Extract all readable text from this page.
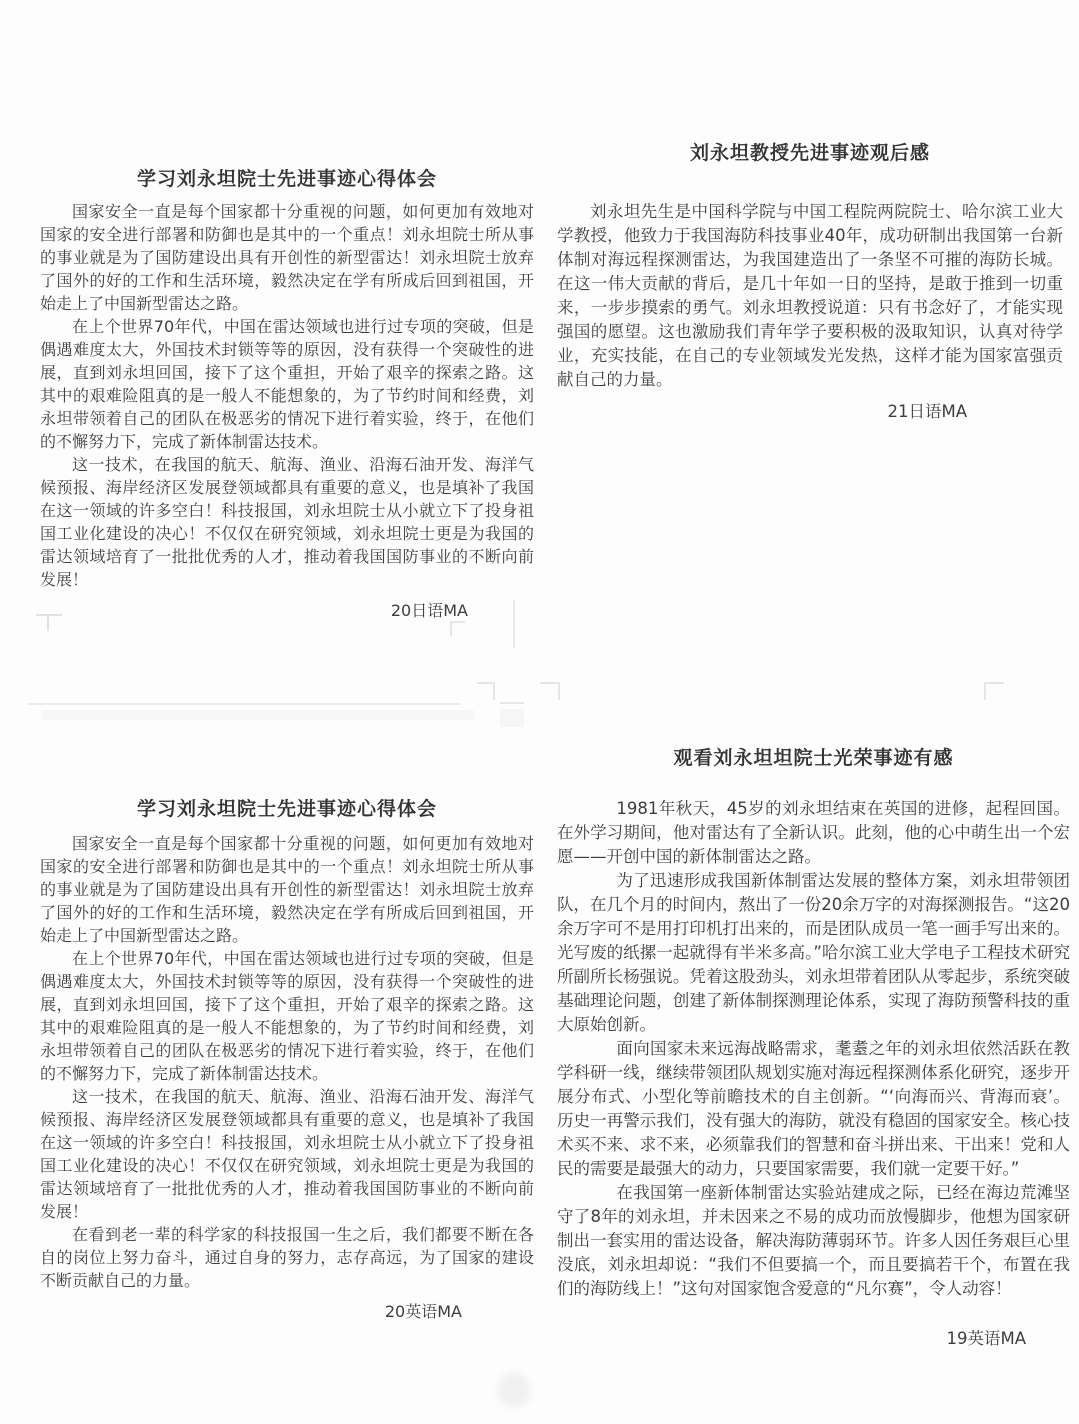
学习刘永坦院士先进事迹心得体会

国家安全一直是每个国家都十分重视的问题，如何更加有效地对国家的安全进行部署和防御也是其中的一个重点！刘永坦院士所从事的事业就是为了国防建设出具有开创性的新型雷达！刘永坦院士放弃了国外的好的工作和生活环境，毅然决定在学有所成后回到祖国，开始走上了中国新型雷达之路。

在上个世界70年代，中国在雷达领域也进行过专项的突破，但是偶遇难度太大，外国技术封锁等等的原因，没有获得一个突破性的进展，直到刘永坦回国，接下了这个重担，开始了艰辛的探索之路。这其中的艰难险阻真的是一般人不能想象的，为了节约时间和经费，刘永坦带领着自己的团队在极恶劣的情况下进行着实验，终于，在他们的不懈努力下，完成了新体制雷达技术。

这一技术，在我国的航天、航海、渔业、沿海石油开发、海洋气候预报、海岸经济区发展登领域都具有重要的意义，也是填补了我国在这一领域的许多空白！科技报国，刘永坦院士从小就立下了投身祖国工业化建设的决心！不仅仅在研究领域，刘永坦院士更是为我国的雷达领域培育了一批批优秀的人才，推动着我国国防事业的不断向前发展！

20日语MA
刘永坦教授先进事迹观后感

刘永坦先生是中国科学院与中国工程院两院院士、哈尔滨工业大学教授，他致力于我国海防科技事业40年，成功研制出我国第一台新体制对海远程探测雷达，为我国建造出了一条坚不可摧的海防长城。在这一伟大贡献的背后，是几十年如一日的坚持，是敢于推到一切重来，一步步摸索的勇气。刘永坦教授说道：只有书念好了，才能实现强国的愿望。这也激励我们青年学子要积极的汲取知识，认真对待学业，充实技能，在自己的专业领域发光发热，这样才能为国家富强贡献自己的力量。

21日语MA
学习刘永坦院士先进事迹心得体会

国家安全一直是每个国家都十分重视的问题，如何更加有效地对国家的安全进行部署和防御也是其中的一个重点！刘永坦院士所从事的事业就是为了国防建设出具有开创性的新型雷达！刘永坦院士放弃了国外的好的工作和生活环境，毅然决定在学有所成后回到祖国，开始走上了中国新型雷达之路。

在上个世界70年代，中国在雷达领域也进行过专项的突破，但是偶遇难度太大，外国技术封锁等等的原因，没有获得一个突破性的进展，直到刘永坦回国，接下了这个重担，开始了艰辛的探索之路。这其中的艰难险阻真的是一般人不能想象的，为了节约时间和经费，刘永坦带领着自己的团队在极恶劣的情况下进行着实验，终于，在他们的不懈努力下，完成了新体制雷达技术。

这一技术，在我国的航天、航海、渔业、沿海石油开发、海洋气候预报、海岸经济区发展登领域都具有重要的意义，也是填补了我国在这一领域的许多空白！科技报国，刘永坦院士从小就立下了投身祖国工业化建设的决心！不仅仅在研究领域，刘永坦院士更是为我国的雷达领域培育了一批批优秀的人才，推动着我国国防事业的不断向前发展！

在看到老一辈的科学家的科技报国一生之后，我们都要不断在各自的岗位上努力奋斗，通过自身的努力，志存高远，为了国家的建设不断贡献自己的力量。

20英语MA
观看刘永坦坦院士光荣事迹有感

1981年秋天，45岁的刘永坦结束在英国的进修，起程回国。在外学习期间，他对雷达有了全新认识。此刻，他的心中萌生出一个宏愿——开创中国的新体制雷达之路。

为了迅速形成我国新体制雷达发展的整体方案，刘永坦带领团队，在几个月的时间内，熬出了一份20余万字的对海探测报告。“这20余万字可不是用打印机打出来的，而是团队成员一笔一画手写出来的。光写废的纸摞一起就得有半米多高。”哈尔滨工业大学电子工程技术研究所副所长杨强说。凭着这股劲头，刘永坦带着团队从零起步，系统突破基础理论问题，创建了新体制探测理论体系，实现了海防预警科技的重大原始创新。

面向国家未来远海战略需求，耄耋之年的刘永坦依然活跃在教学科研一线，继续带领团队规划实施对海远程探测体系化研究，逐步开展分布式、小型化等前瞻技术的自主创新。“‘向海而兴、背海而衰’。历史一再警示我们，没有强大的海防，就没有稳固的国家安全。核心技术买不来、求不来，必须靠我们的智慧和奋斗拼出来、干出来！党和人民的需要是最强大的动力，只要国家需要，我们就一定要干好。”

在我国第一座新体制雷达实验站建成之际，已经在海边荒滩坚守了8年的刘永坦，并未因来之不易的成功而放慢脚步，他想为国家研制出一套实用的雷达设备，解决海防薄弱环节。许多人因任务艰巨心里没底，刘永坦却说：“我们不但要搞一个，而且要搞若干个，布置在我们的海防线上！”这句对国家饱含爱意的“凡尔赛”，令人动容！

19英语MA
